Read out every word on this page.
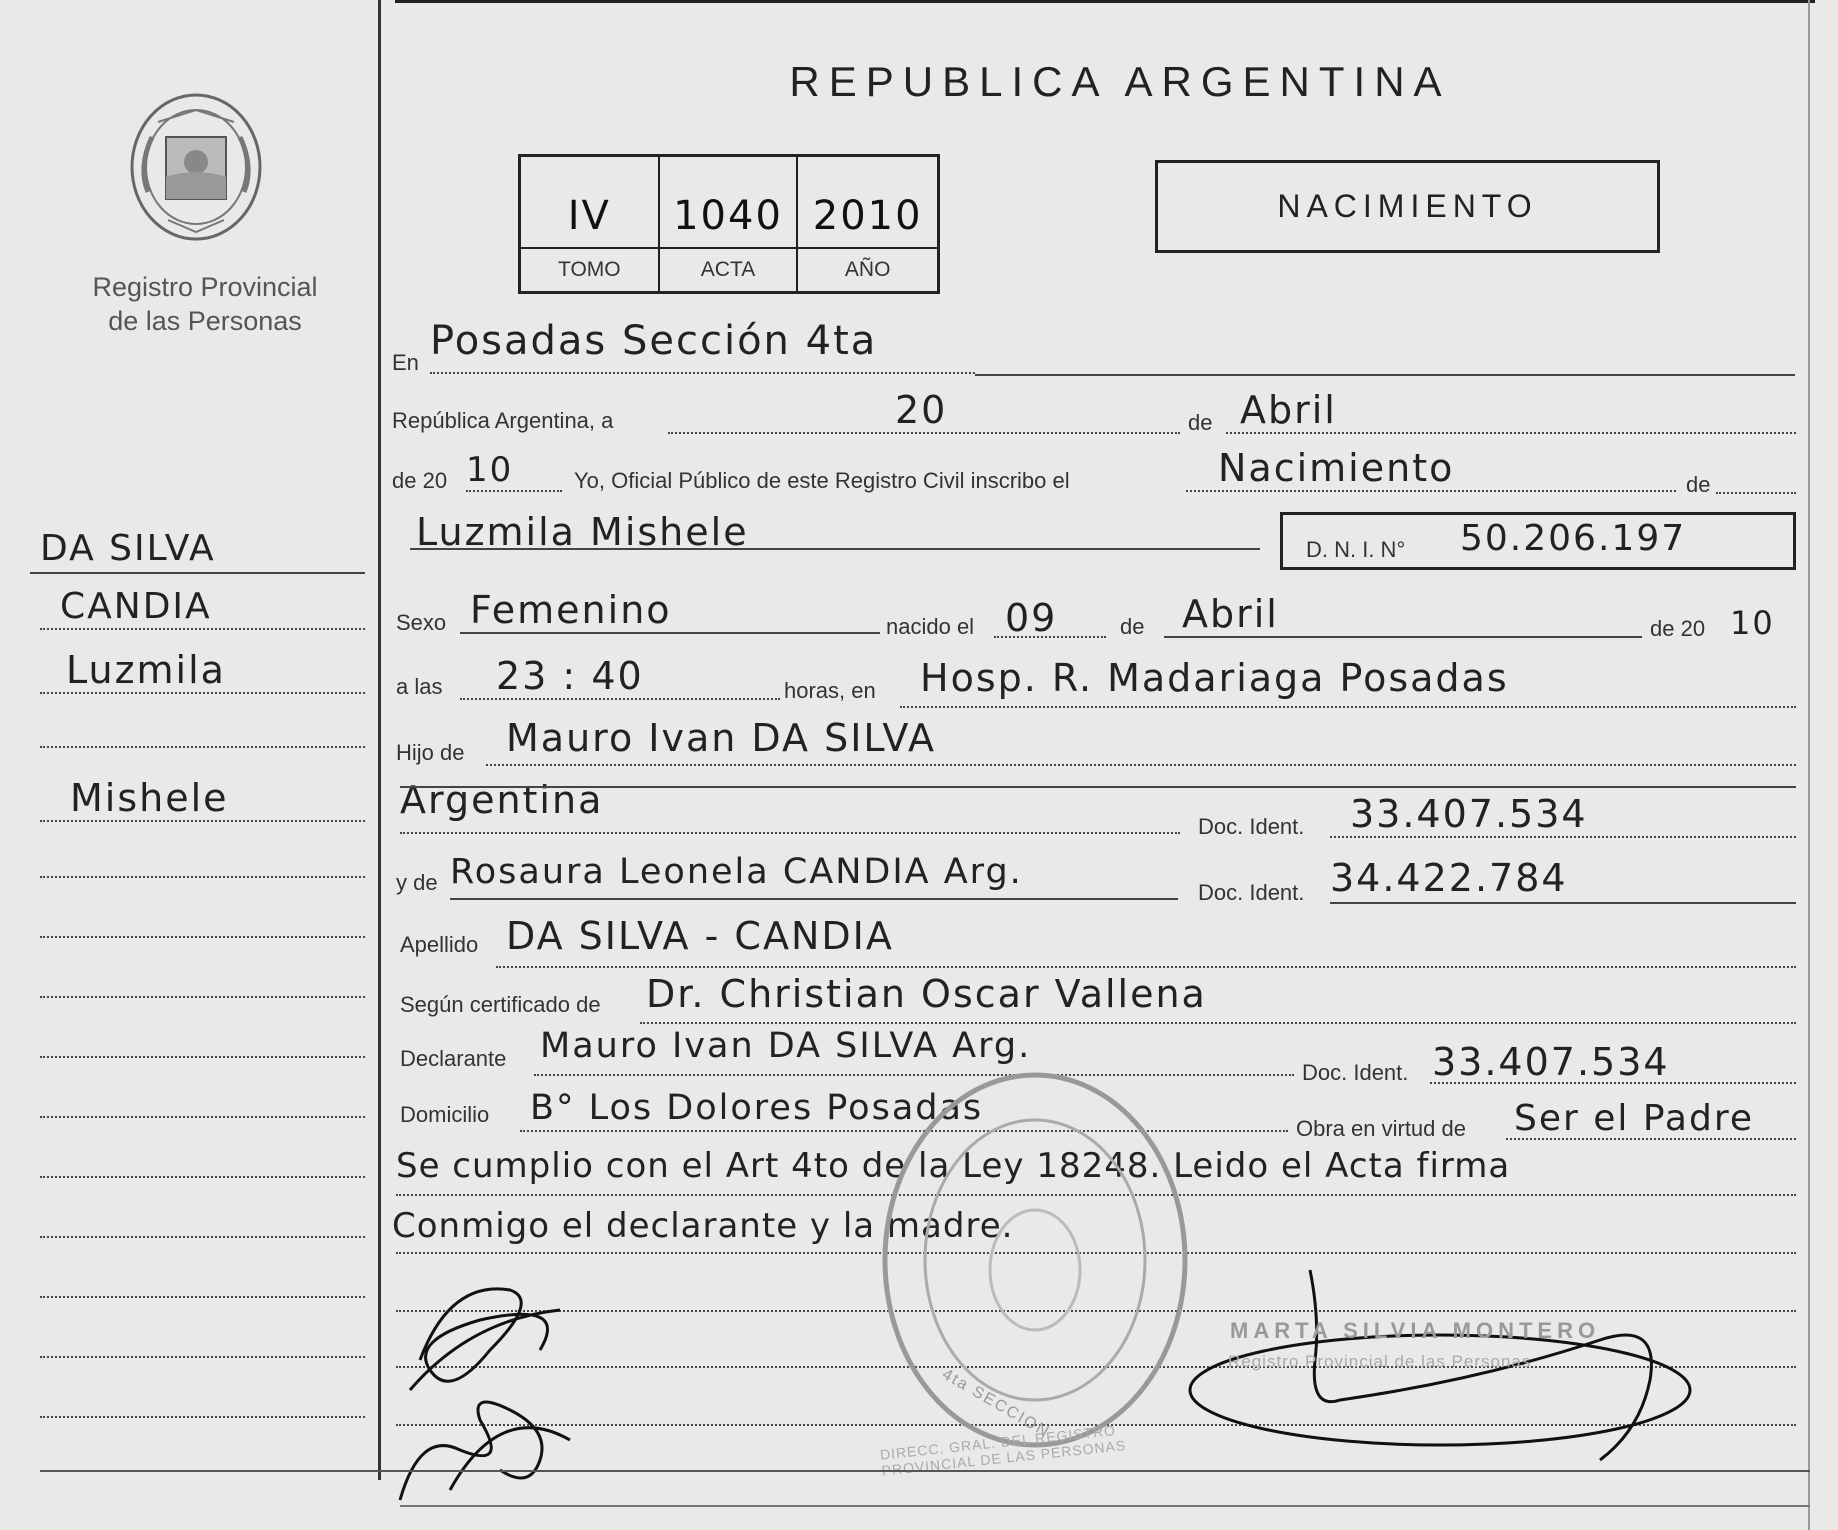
Registro Provincial
de las Personas
DA SILVA
CANDIA
Luzmila
Mishele
REPUBLICA ARGENTINA
IV	1040 2010
TOMO	ACTA	AÑO
NACIMIENTO
En Posadas Sección 4ta
República Argentina, a	20	de Abril
de 20 10	Yo, Oficial Público de este Registro Civil inscribo el	Nacimiento	de
Luzmila Mishele	D. N. I. N° 50.206.197
Sexo Femenino	nacido el 09	de Abril	de 20 10
a las 23 : 40	horas, en Hosp. R. Madariaga Posadas
Hijo de Mauro Ivan DA SILVA
Argentina
Doc. Ident. 33.407.534
y de Rosaura Leonela CANDIA Arg.
Doc. Ident. 34.422.784
Apellido DA SILVA - CANDIA
Según certificado de Dr. Christian Oscar Vallena
Declarante Mauro Ivan DA SILVA Arg.
Doc. Ident. 33.407.534
Domicilio B° Los Dolores Posadas
Obra en virtud de Ser el Padre
Se cumplio con el Art 4to de la Ley 18248. Leido el Acta firma
Conmigo el declarante y la madre.
MARTA SILVIA MONTERO
Registro Provincial de las Personas
4ta SECCION
DIRECC. GRAL. DEL REGISTRO PROVINCIAL DE LAS PERSONAS
